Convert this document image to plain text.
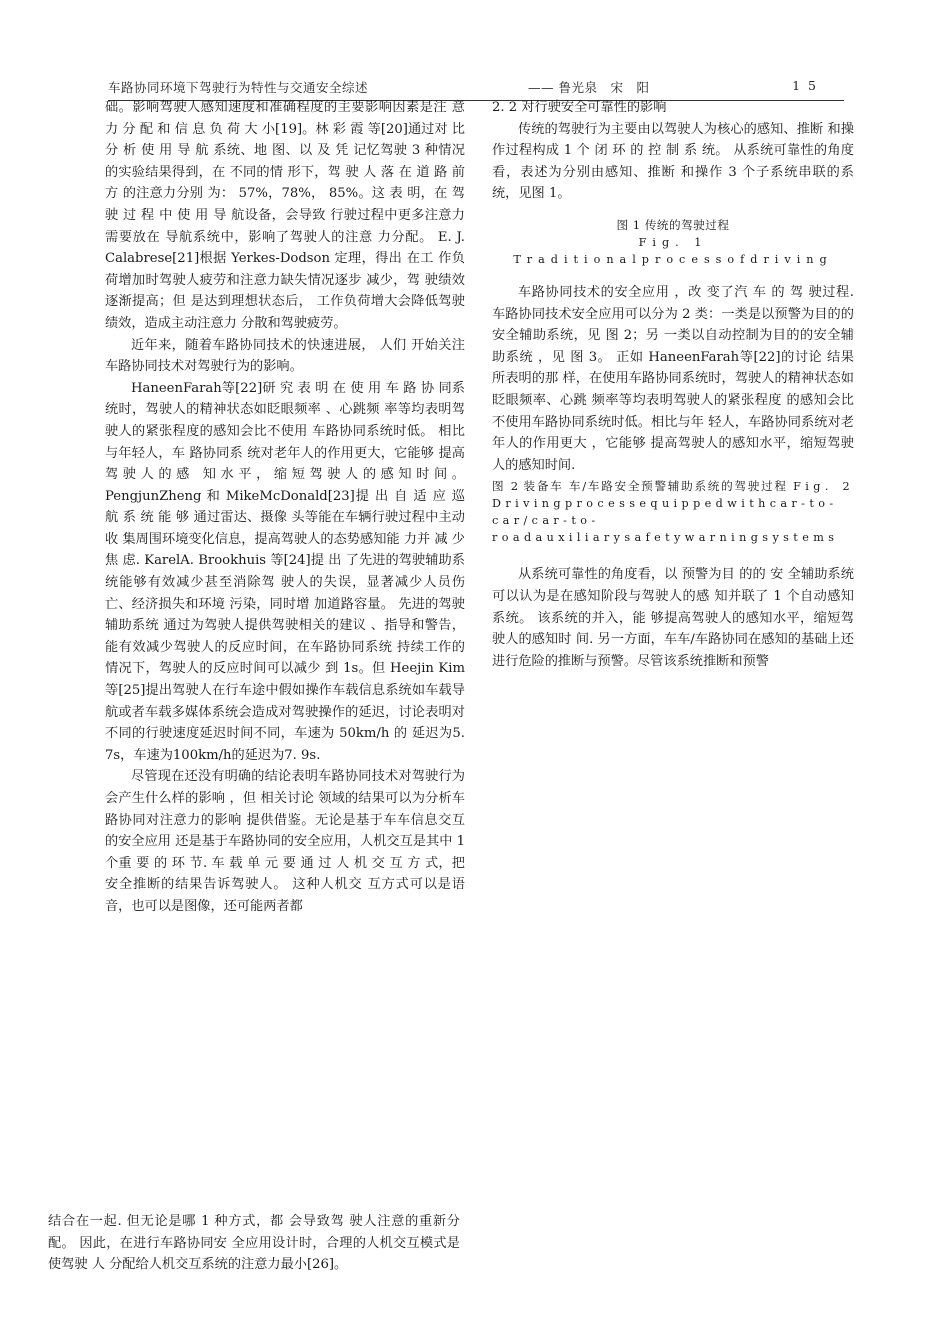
车路协同环境下驾驶行为特性与交通安全综述	—— 鲁光泉　宋　阳	15

础。影响驾驶人感知速度和准确程度的主要影响因素是注 意 力 分 配 和 信 息 负 荷 大 小[19]。林 彩 霞 等[20]通过对 比 分 析 使 用 导 航 系统、地 图、以 及 凭 记忆驾驶 3 种情况的实验结果得到，在 不同的情 形下，驾 驶 人 落 在 道 路 前 方 的注意力分别 为： 57%，78%， 85%。这 表 明，在 驾 驶 过 程 中 使 用 导 航设备，会导致 行驶过程中更多注意力需要放在 导航系统中，影响了驾驶人的注意 力分配。 E. J. Calabrese[21]根据 Yerkes-Dodson 定理，得出 在工 作负荷增加时驾驶人疲劳和注意力缺失情况逐步 减少，驾 驶绩效逐渐提高；但 是达到理想状态后， 工作负荷增大会降低驾驶绩效，造成主动注意力 分散和驾驶疲劳。

近年来，随着车路协同技术的快速进展， 人们 开始关注车路协同技术对驾驶行为的影响。

HaneenFarah等[22]研 究 表 明 在 使 用 车 路 协 同系统时，驾驶人的精神状态如眨眼频率 、心跳频 率等均表明驾驶人的紧张程度的感知会比不使用 车路协同系统时低。 相比与年轻人，车 路协同系 统对老年人的作用更大，它能够 提高驾驶人的感 知水平，缩短驾驶人的感知时间。PengjunZheng 和 MikeMcDonald[23]提 出 自 适 应 巡 航 系 统 能 够 通过雷达、摄像 头等能在车辆行驶过程中主动收 集周围环境变化信息，提高驾驶人的态势感知能 力并 减 少 焦 虑. KarelA. Brookhuis 等[24]提 出 了先进的驾驶辅助系统能够有效减少甚至消除驾 驶人的失误，显著减少人员伤亡、经济损失和环境 污染，同时增 加道路容量。 先进的驾驶辅助系统 通过为驾驶人提供驾驶相关的建议 、指导和警告， 能有效减少驾驶人的反应时间，在车路协同系统 持续工作的情况下，驾驶人的反应时间可以减少 到 1s。但 Heejin Kim 等[25]提出驾驶人在行车途中假如操作车载信息系统如车载导航或者车载多媒体系统会造成对驾驶操作的延迟，讨论表明对不同的行驶速度延迟时间不同，车速为 50km/h 的 延迟为5. 7s，车速为100km/h的延迟为7. 9s.

尽管现在还没有明确的结论表明车路协同技术对驾驶行为会产生什么样的影响 ，但 相关讨论 领域的结果可以为分析车路协同对注意力的影响 提供借鉴。无论是基于车车信息交互的安全应用 还是基于车路协同的安全应用，人机交互是其中 1个重 要 的 环 节. 车 载 单 元 要 通 过 人 机 交 互 方 式，把安全推断的结果告诉驾驶人。 这种人机交 互方式可以是语音，也可以是图像，还可能两者都

结合在一起. 但无论是哪 1 种方式，都 会导致驾 驶人注意的重新分配。 因此，在进行车路协同安 全应用设计时，合理的人机交互模式是使驾驶 人 分配给人机交互系统的注意力最小[26]。

2. 2 对行驶安全可靠性的影响

传统的驾驶行为主要由以驾驶人为核心的感知、推断 和操作过程构成 1 个 闭 环 的 控 制 系 统。 从系统可靠性的角度看，表述为分别由感知、推断 和操作 3 个子系统串联的系统，见图 1。

图 1 传统的驾驶过程
Fig. 1 Traditionalprocessofdriving

车路协同技术的安全应用 ，改 变了汽 车 的 驾 驶过程. 车路协同技术安全应用可以分为 2 类：一类是以预警为目的的安全辅助系统，见 图 2；另 一类以自动控制为目的的安全辅助系统 ，见 图 3。 正如 HaneenFarah等[22]的讨论 结果所表明的那 样，在使用车路协同系统时，驾驶人的精神状态如 眨眼频率、心跳 频率等均表明驾驶人的紧张程度 的感知会比不使用车路协同系统时低。相比与年 轻人，车路协同系统对老年人的作用更大 ，它能够 提高驾驶人的感知水平，缩短驾驶人的感知时间.

图 2 装备车 车/车路安全预警辅助系统的驾驶过程 Fig. 2 Drivingprocessequippedwithcar-to-car/car-to-roadauxiliarysafetywarningsystems

从系统可靠性的角度看，以 预警为目 的的 安 全辅助系统可以认为是在感知阶段与驾驶人的感 知并联了 1 个自动感知系统。 该系统的并入，能 够提高驾驶人的感知水平，缩短驾驶人的感知时 间. 另一方面，车车/车路协同在感知的基础上还 进行危险的推断与预警。尽管该系统推断和预警
